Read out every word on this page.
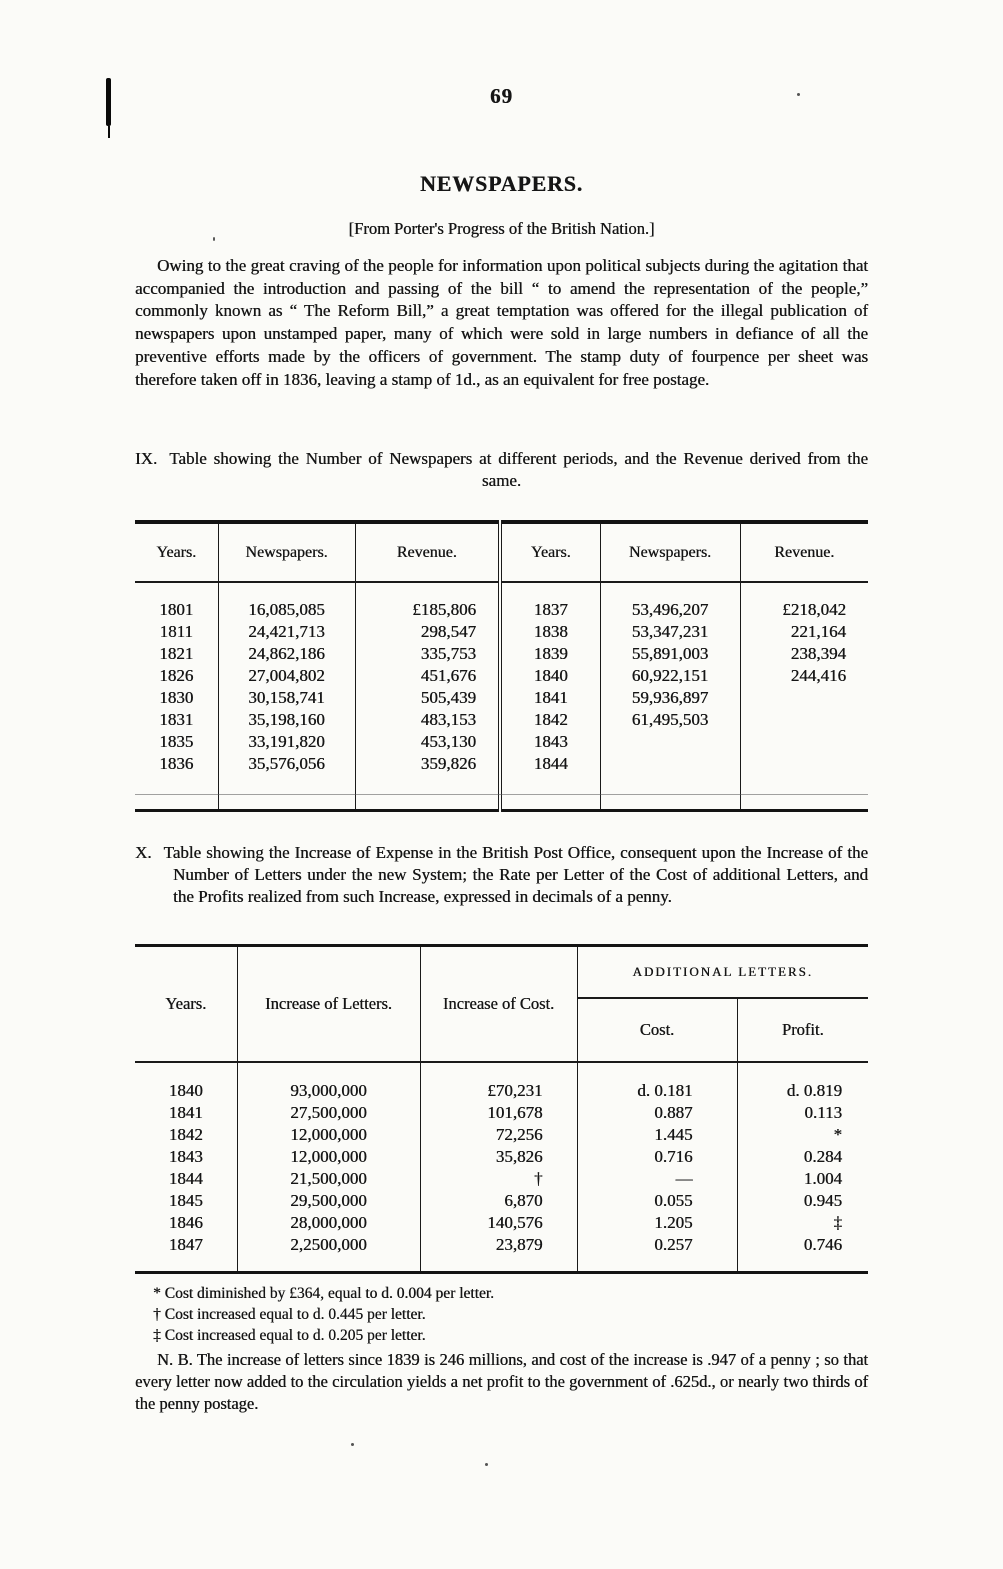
69
NEWSPAPERS.
[From Porter's Progress of the British Nation.]
Owing to the great craving of the people for information upon political subjects during the agitation that accompanied the introduction and passing of the bill “ to amend the representation of the people,” commonly known as “ The Reform Bill,” a great temptation was offered for the illegal publication of newspapers upon unstamped paper, many of which were sold in large numbers in defiance of all the preventive efforts made by the officers of government. The stamp duty of fourpence per sheet was therefore taken off in 1836, leaving a stamp of 1d., as an equivalent for free postage.
IX. Table showing the Number of Newspapers at different periods, and the Revenue derived from the same.
Years.	Newspapers.	Revenue.	Years.	Newspapers.	Revenue.
1801	16,085,085	£185,806	1837	53,496,207	£218,042
1811	24,421,713	298,547	1838	53,347,231	221,164
1821	24,862,186	335,753	1839	55,891,003	238,394
1826	27,004,802	451,676	1840	60,922,151	244,416
1830	30,158,741	505,439	1841	59,936,897	
1831	35,198,160	483,153	1842	61,495,503	
1835	33,191,820	453,130	1843		
1836	35,576,056	359,826	1844		
X. Table showing the Increase of Expense in the British Post Office, consequent upon the Increase of the Number of Letters under the new System; the Rate per Letter of the Cost of additional Letters, and the Profits realized from such Increase, expressed in decimals of a penny.
Years.	Increase of Letters.	Increase of Cost.	ADDITIONAL LETTERS.	
			Cost.	Profit.
1840	93,000,000	£70,231	d. 0.181	d. 0.819
1841	27,500,000	101,678	0.887	0.113
1842	12,000,000	72,256	1.445	*
1843	12,000,000	35,826	0.716	0.284
1844	21,500,000	†	—	1.004
1845	29,500,000	6,870	0.055	0.945
1846	28,000,000	140,576	1.205	‡
1847	2,2500,000	23,879	0.257	0.746
* Cost diminished by £364, equal to d. 0.004 per letter.
† Cost increased equal to d. 0.445 per letter.
‡ Cost increased equal to d. 0.205 per letter.
N. B. The increase of letters since 1839 is 246 millions, and cost of the increase is .947 of a penny ; so that every letter now added to the circulation yields a net profit to the government of .625d., or nearly two thirds of the penny postage.
